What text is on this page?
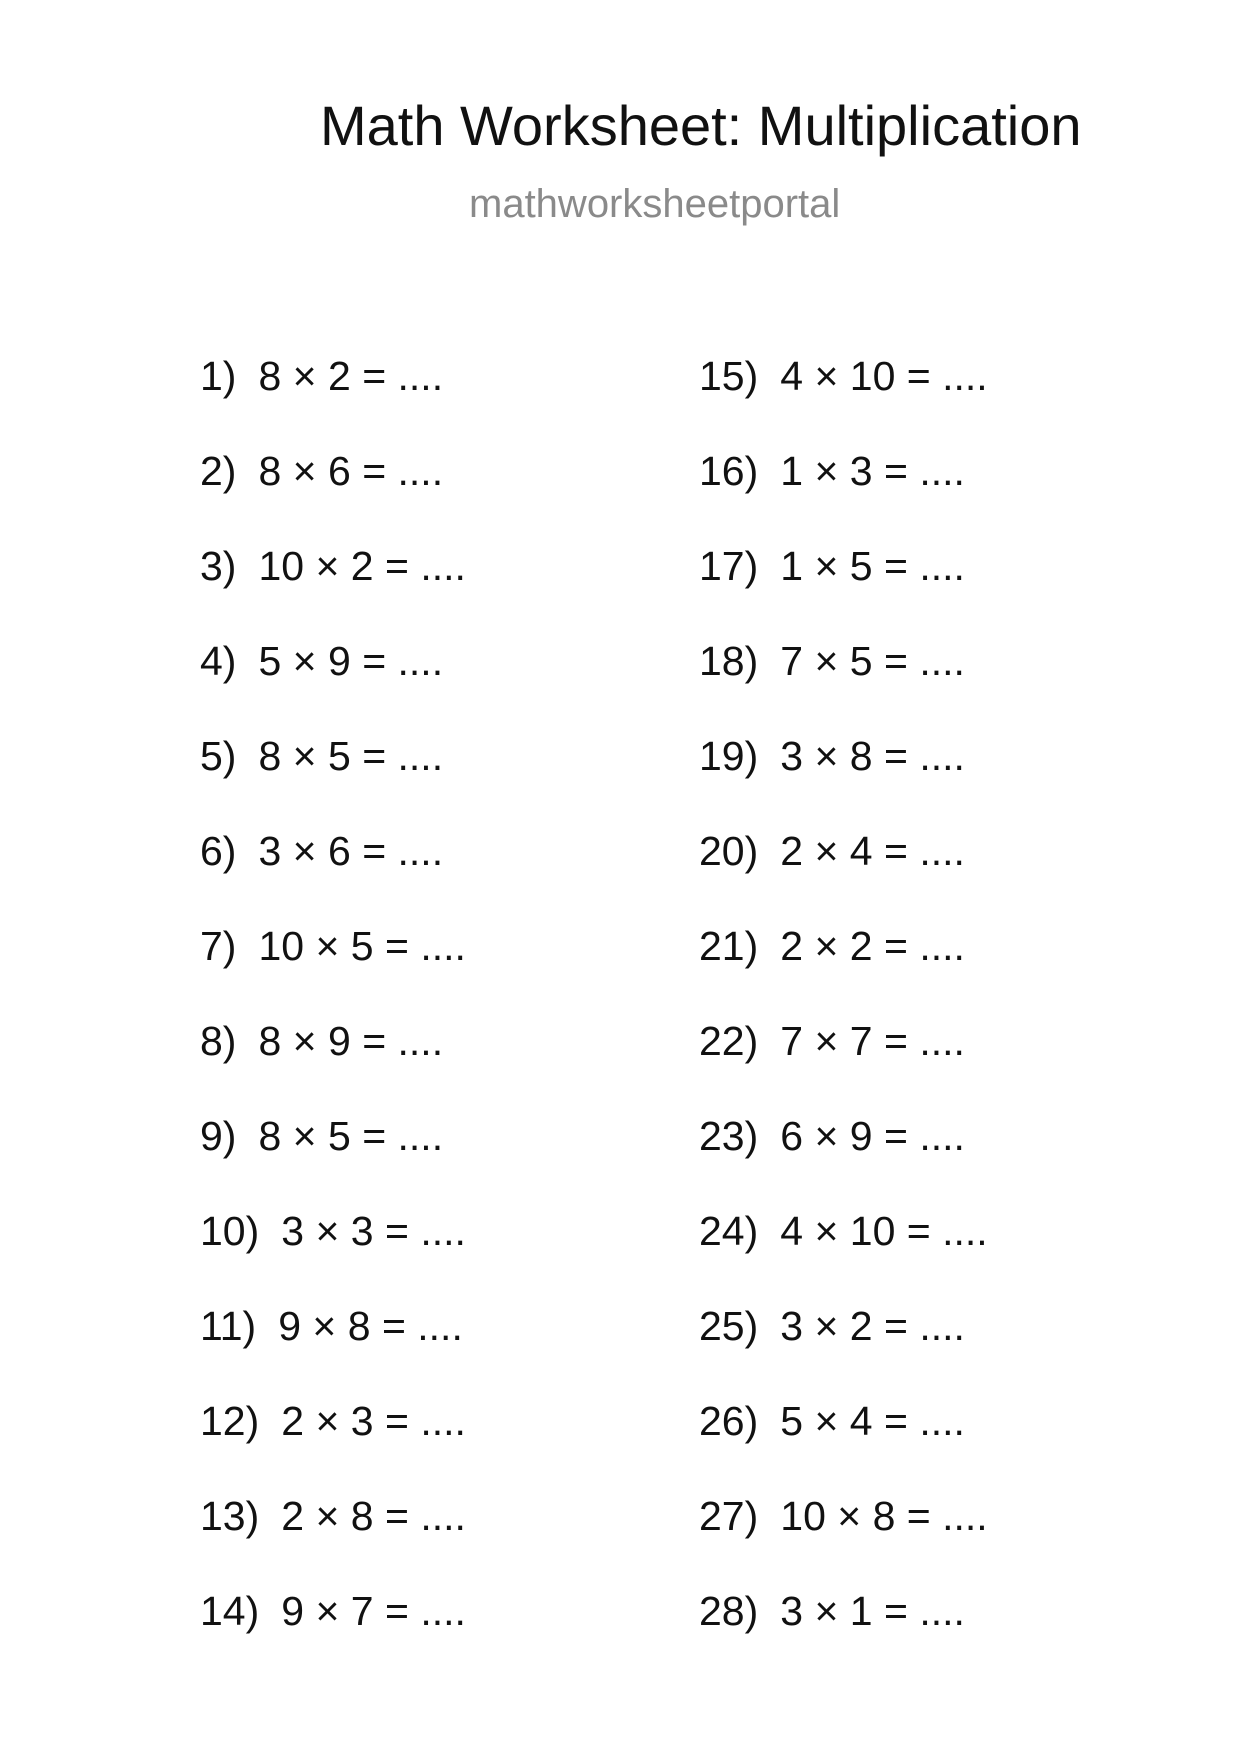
Math Worksheet: Multiplication
mathworksheetportal
1) 8 × 2 = ....
2) 8 × 6 = ....
3) 10 × 2 = ....
4) 5 × 9 = ....
5) 8 × 5 = ....
6) 3 × 6 = ....
7) 10 × 5 = ....
8) 8 × 9 = ....
9) 8 × 5 = ....
10) 3 × 3 = ....
11) 9 × 8 = ....
12) 2 × 3 = ....
13) 2 × 8 = ....
14) 9 × 7 = ....
15) 4 × 10 = ....
16) 1 × 3 = ....
17) 1 × 5 = ....
18) 7 × 5 = ....
19) 3 × 8 = ....
20) 2 × 4 = ....
21) 2 × 2 = ....
22) 7 × 7 = ....
23) 6 × 9 = ....
24) 4 × 10 = ....
25) 3 × 2 = ....
26) 5 × 4 = ....
27) 10 × 8 = ....
28) 3 × 1 = ....
